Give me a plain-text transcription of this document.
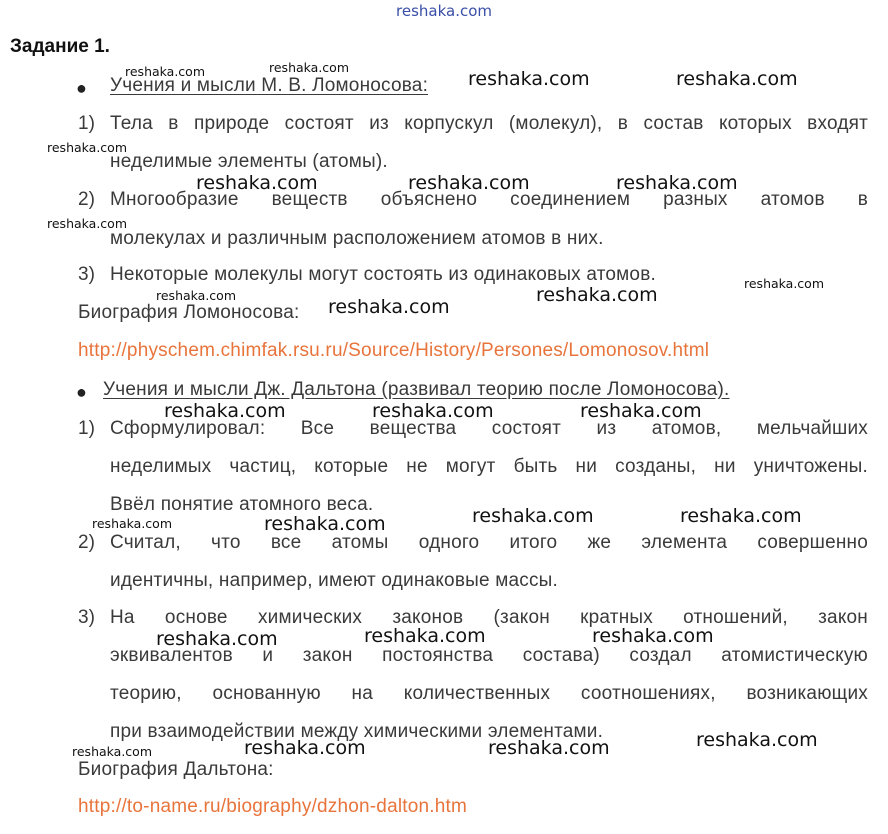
reshaka.com
Задание 1.
● Учения и мысли М. В. Ломоносова:
1) Тела в природе состоят из корпускул (молекул), в состав которых входят
неделимые элементы (атомы).
2) Многообразие веществ объяснено соединением разных атомов в
молекулах и различным расположением атомов в них.
3) Некоторые молекулы могут состоять из одинаковых атомов.
Биография Ломоносова:
http://physchem.chimfak.rsu.ru/Source/History/Persones/Lomonosov.html
● Учения и мысли Дж. Дальтона (развивал теорию после Ломоносова).
1) Сформулировал: Все вещества состоят из атомов, мельчайших
неделимых частиц, которые не могут быть ни созданы, ни уничтожены.
Ввёл понятие атомного веса.
2) Считал, что все атомы одного итого же элемента совершенно
идентичны, например, имеют одинаковые массы.
3) На основе химических законов (закон кратных отношений, закон
эквивалентов и закон постоянства состава) создал атомистическую
теорию, основанную на количественных соотношениях, возникающих
при взаимодействии между химическими элементами.
Биография Дальтона:
http://to-name.ru/biography/dzhon-dalton.htm
reshaka.com	reshaka.com
reshaka.com	reshaka.com
reshaka.com
reshaka.com	reshaka.com	reshaka.com
reshaka.com
reshaka.com
reshaka.com
reshaka.com
reshaka.com
reshaka.com	reshaka.com	reshaka.com
reshaka.com	reshaka.com
reshaka.com
reshaka.com
reshaka.com	reshaka.com
reshaka.com
reshaka.com
reshaka.com	reshaka.com
reshaka.com
